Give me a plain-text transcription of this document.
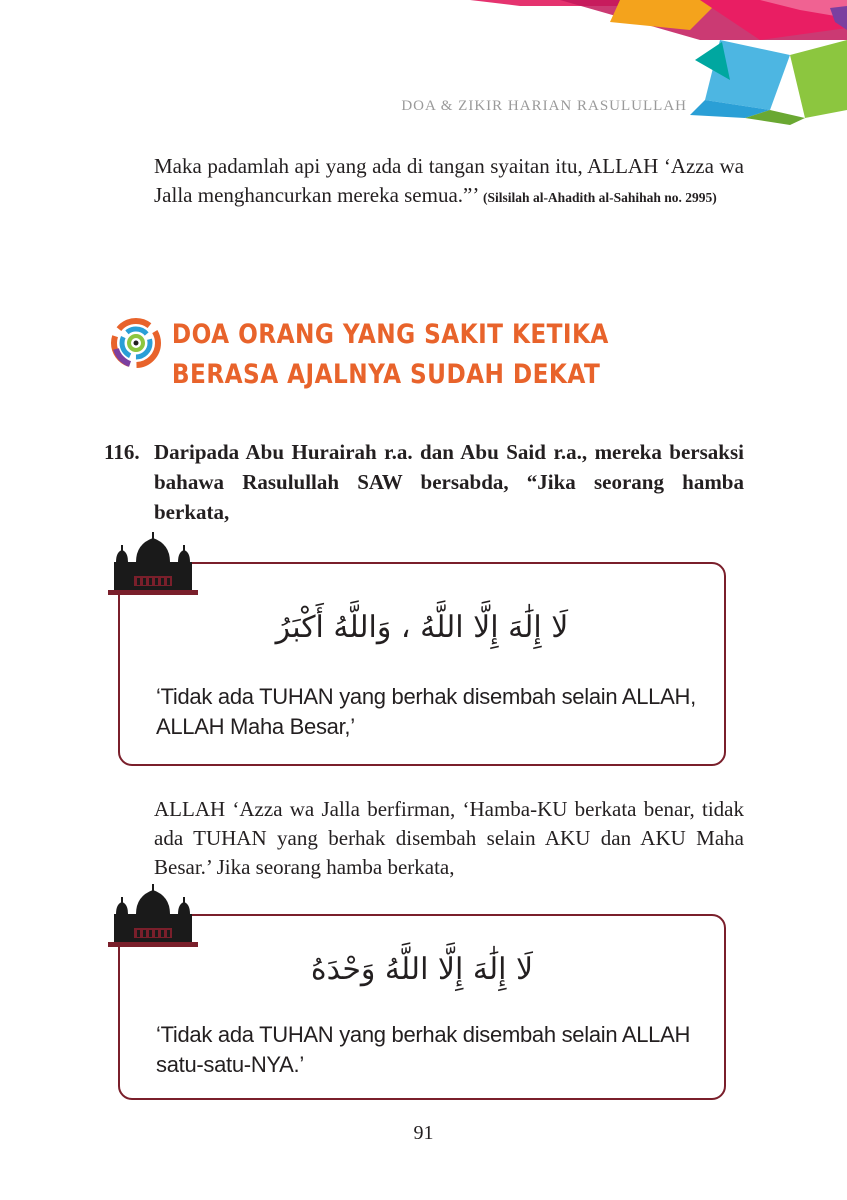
DOA & ZIKIR HARIAN RASULULLAH
Maka padamlah api yang ada di tangan syaitan itu, ALLAH ‘Azza wa Jalla menghancurkan mereka semua.”’ (Silsilah al-Ahadith al-Sahihah no. 2995)
DOA ORANG YANG SAKIT KETIKA BERASA AJALNYA SUDAH DEKAT
116. Daripada Abu Hurairah r.a. dan Abu Said r.a., mereka bersaksi bahawa Rasulullah SAW bersabda, “Jika seorang hamba berkata,
لَا إِلَٰهَ إِلَّا اللَّهُ ، وَاللَّهُ أَكْبَرُ
‘Tidak ada TUHAN yang berhak disembah selain ALLAH, ALLAH Maha Besar,’
ALLAH ‘Azza wa Jalla berfirman, ‘Hamba-KU berkata benar, tidak ada TUHAN yang berhak disembah selain AKU dan AKU Maha Besar.’ Jika seorang hamba berkata,
لَا إِلَٰهَ إِلَّا اللَّهُ وَحْدَهُ
‘Tidak ada TUHAN yang berhak disembah selain ALLAH satu-satu-NYA.’
91
